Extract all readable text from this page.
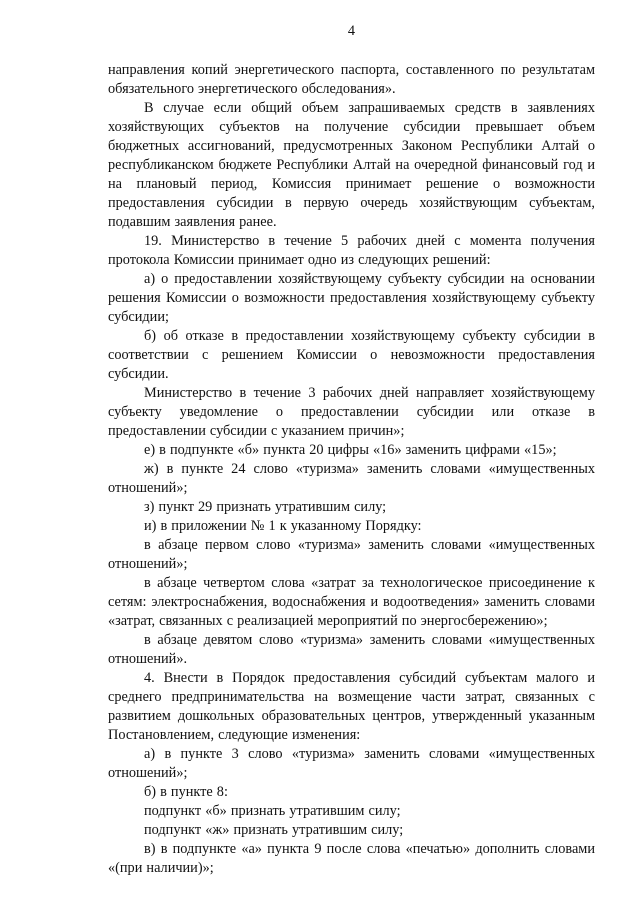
4

направления копий энергетического паспорта, составленного по результатам обязательного энергетического обследования».

В случае если общий объем запрашиваемых средств в заявлениях хозяйствующих субъектов на получение субсидии превышает объем бюджетных ассигнований, предусмотренных Законом Республики Алтай о республиканском бюджете Республики Алтай на очередной финансовый год и на плановый период, Комиссия принимает решение о возможности предоставления субсидии в первую очередь хозяйствующим субъектам, подавшим заявления ранее.

19. Министерство в течение 5 рабочих дней с момента получения протокола Комиссии принимает одно из следующих решений:

а) о предоставлении хозяйствующему субъекту субсидии на основании решения Комиссии о возможности предоставления хозяйствующему субъекту субсидии;

б) об отказе в предоставлении хозяйствующему субъекту субсидии в соответствии с решением Комиссии о невозможности предоставления субсидии.

Министерство в течение 3 рабочих дней направляет хозяйствующему субъекту уведомление о предоставлении субсидии или отказе в предоставлении субсидии с указанием причин»;

е) в подпункте «б» пункта 20 цифры «16» заменить цифрами «15»;

ж) в пункте 24 слово «туризма» заменить словами «имущественных отношений»;

з) пункт 29 признать утратившим силу;

и) в приложении № 1 к указанному Порядку:

в абзаце первом слово «туризма» заменить словами «имущественных отношений»;

в абзаце четвертом слова «затрат за технологическое присоединение к сетям: электроснабжения, водоснабжения и водоотведения» заменить словами «затрат, связанных с реализацией мероприятий по энергосбережению»;

в абзаце девятом слово «туризма» заменить словами «имущественных отношений».

4. Внести в Порядок предоставления субсидий субъектам малого и среднего предпринимательства на возмещение части затрат, связанных с развитием дошкольных образовательных центров, утвержденный указанным Постановлением, следующие изменения:

а) в пункте 3 слово «туризма» заменить словами «имущественных отношений»;

б) в пункте 8:

подпункт «б» признать утратившим силу;

подпункт «ж» признать утратившим силу;

в) в подпункте «а» пункта 9 после слова «печатью» дополнить словами «(при наличии)»;
